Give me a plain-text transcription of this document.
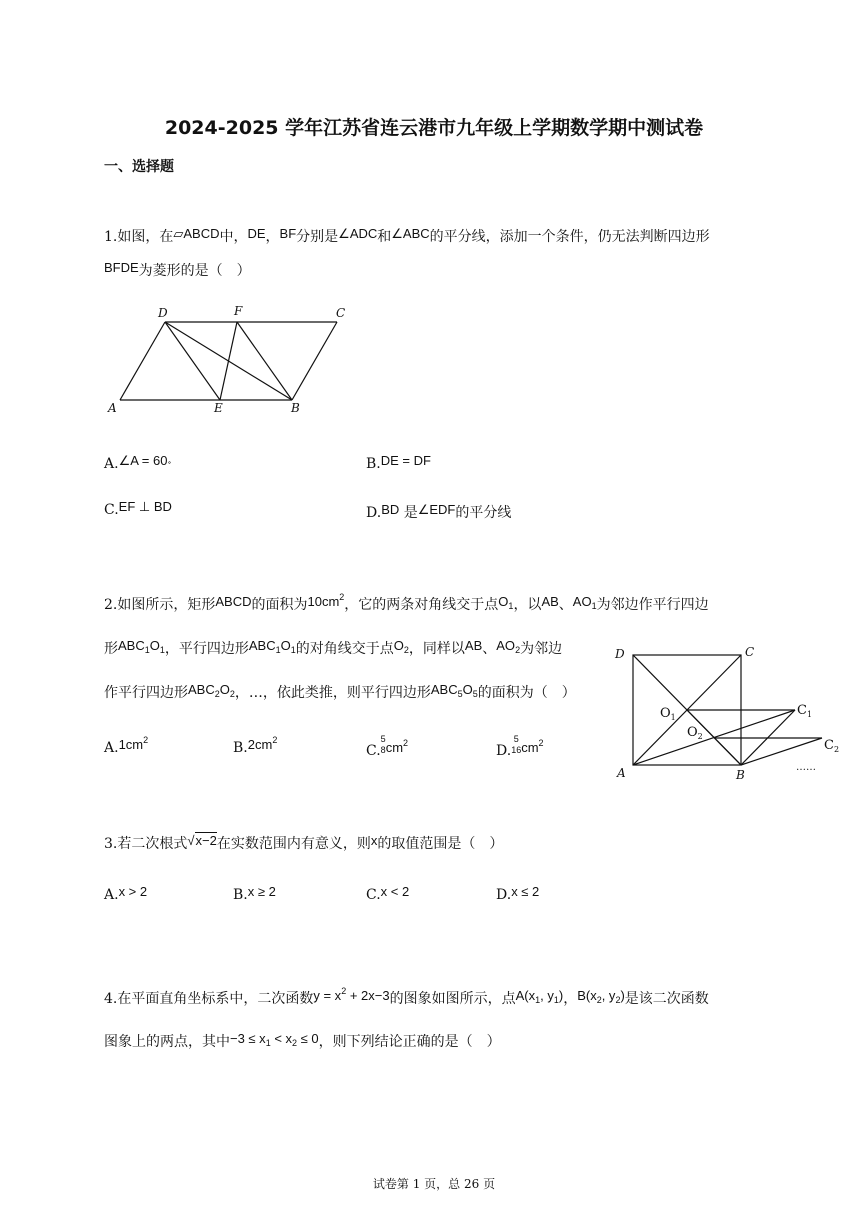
2024-2025 学年江苏省连云港市九年级上学期数学期中测试卷
一、选择题
1.如图，在▱ABCD中，DE，BF分别是∠ADC和∠ABC的平分线，添加一个条件，仍无法判断四边形
BFDE为菱形的是（　）
D	F	C
A	E	B
A.∠A = 60∘	B.DE = DF
C.EF ⊥ BD	D.BD 是∠EDF的平分线
2.如图所示，矩形ABCD的面积为$10cm^2$，它的两条对角线交于点$O_1$，以AB、$AO_1$为邻边作平行四边
形$ABC_1O_1$，平行四边形$ABC_1O_1$的对角线交于点$O_2$，同样以AB、$AO_2$为邻边
作平行四边形$ABC_2O_2$，…，依此类推，则平行四边形$ABC_5O_5$的面积为（　）
$A.1cm^2$	$B.2cm^2$
C.5
$8cm^2$	D.5
$16cm^2$
D	C
A	B
$O_1$
$O_2$
$C_1$
$C_2$
……
3.若二次根式√x−2在实数范围内有意义，则x的取值范围是（　）
A.x > 2	B.x ≥ 2	C.x < 2	D.x ≤ 2
4.在平面直角坐标系中，二次函数$y = x^2 + 2x-3$的图象如图所示，点$A(x_1$, $y_1$)，$B(x_2$, $y_2$)是该二次函数
图象上的两点，其中$-3 \le x_1 < x_2 \le 0$，则下列结论正确的是（　）
试卷第 1 页，总 26 页
